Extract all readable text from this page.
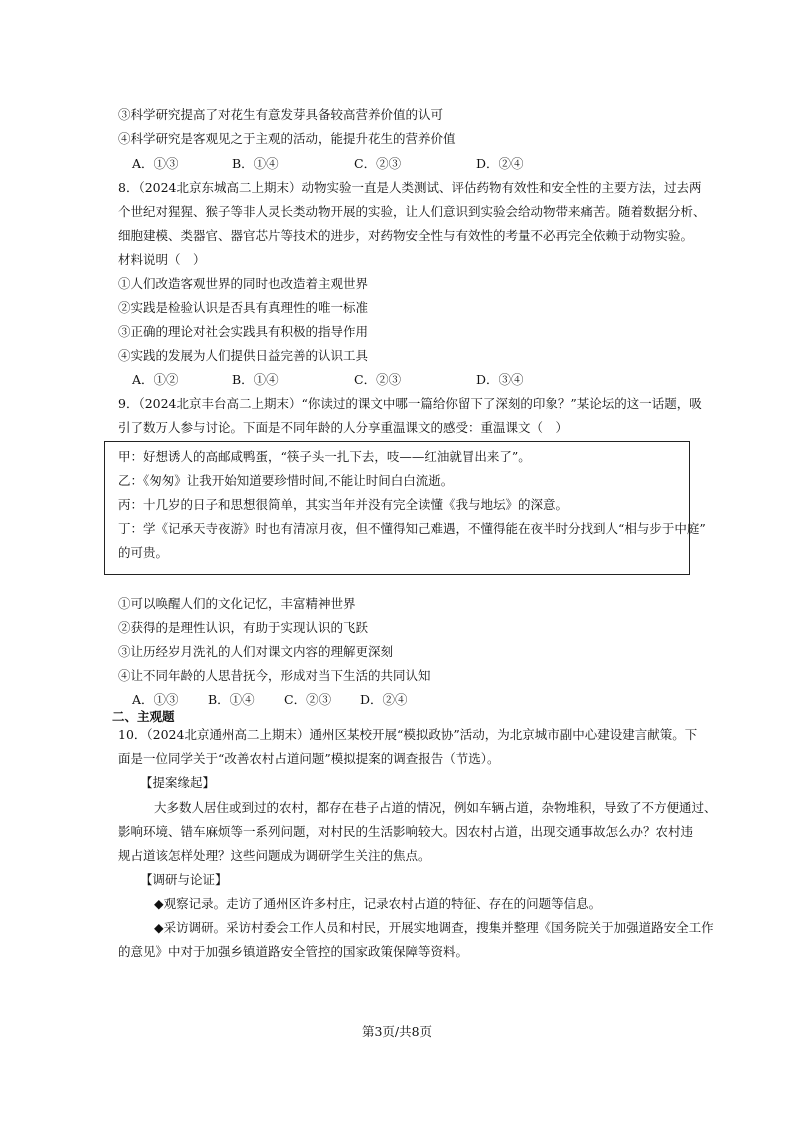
③科学研究提高了对花生有意发芽具备较高营养价值的认可
④科学研究是客观见之于主观的活动，能提升花生的营养价值
A．①③	B．①④	C．②③	D．②④
8．（2024北京东城高二上期末）动物实验一直是人类测试、评估药物有效性和安全性的主要方法，过去两
个世纪对猩猩、猴子等非人灵长类动物开展的实验，让人们意识到实验会给动物带来痛苦。随着数据分析、
细胞建模、类器官、器官芯片等技术的进步，对药物安全性与有效性的考量不必再完全依赖于动物实验。
材料说明（　）
①人们改造客观世界的同时也改造着主观世界
②实践是检验认识是否具有真理性的唯一标准
③正确的理论对社会实践具有积极的指导作用
④实践的发展为人们提供日益完善的认识工具
A．①②	B．①④	C．②③	D．③④
9．（2024北京丰台高二上期末）“你读过的课文中哪一篇给你留下了深刻的印象？”某论坛的这一话题，吸
引了数万人参与讨论。下面是不同年龄的人分享重温课文的感受：重温课文（　）
甲：好想诱人的高邮咸鸭蛋，“筷子头一扎下去，吱——红油就冒出来了”。
乙：《匆匆》让我开始知道要珍惜时间,不能让时间白白流逝。
丙：十几岁的日子和思想很简单，其实当年并没有完全读懂《我与地坛》的深意。
丁：学《记承天寺夜游》时也有清凉月夜，但不懂得知己难遇，不懂得能在夜半时分找到人“相与步于中庭”
的可贵。
①可以唤醒人们的文化记忆，丰富精神世界
②获得的是理性认识，有助于实现认识的飞跃
③让历经岁月洗礼的人们对课文内容的理解更深刻
④让不同年龄的人思昔抚今，形成对当下生活的共同认知
A．①③ B．①④ C．②③ D．②④
二、主观题
10．（2024北京通州高二上期末）通州区某校开展“模拟政协”活动，为北京城市副中心建设建言献策。下
面是一位同学关于“改善农村占道问题”模拟提案的调查报告（节选）。
【提案缘起】
大多数人居住或到过的农村，都存在巷子占道的情况，例如车辆占道，杂物堆积，导致了不方便通过、
影响环境、错车麻烦等一系列问题，对村民的生活影响较大。因农村占道，出现交通事故怎么办？农村违
规占道该怎样处理？这些问题成为调研学生关注的焦点。
【调研与论证】
◆观察记录。走访了通州区许多村庄，记录农村占道的特征、存在的问题等信息。
◆采访调研。采访村委会工作人员和村民，开展实地调查，搜集并整理《国务院关于加强道路安全工作
的意见》中对于加强乡镇道路安全管控的国家政策保障等资料。
第3页/共8页
